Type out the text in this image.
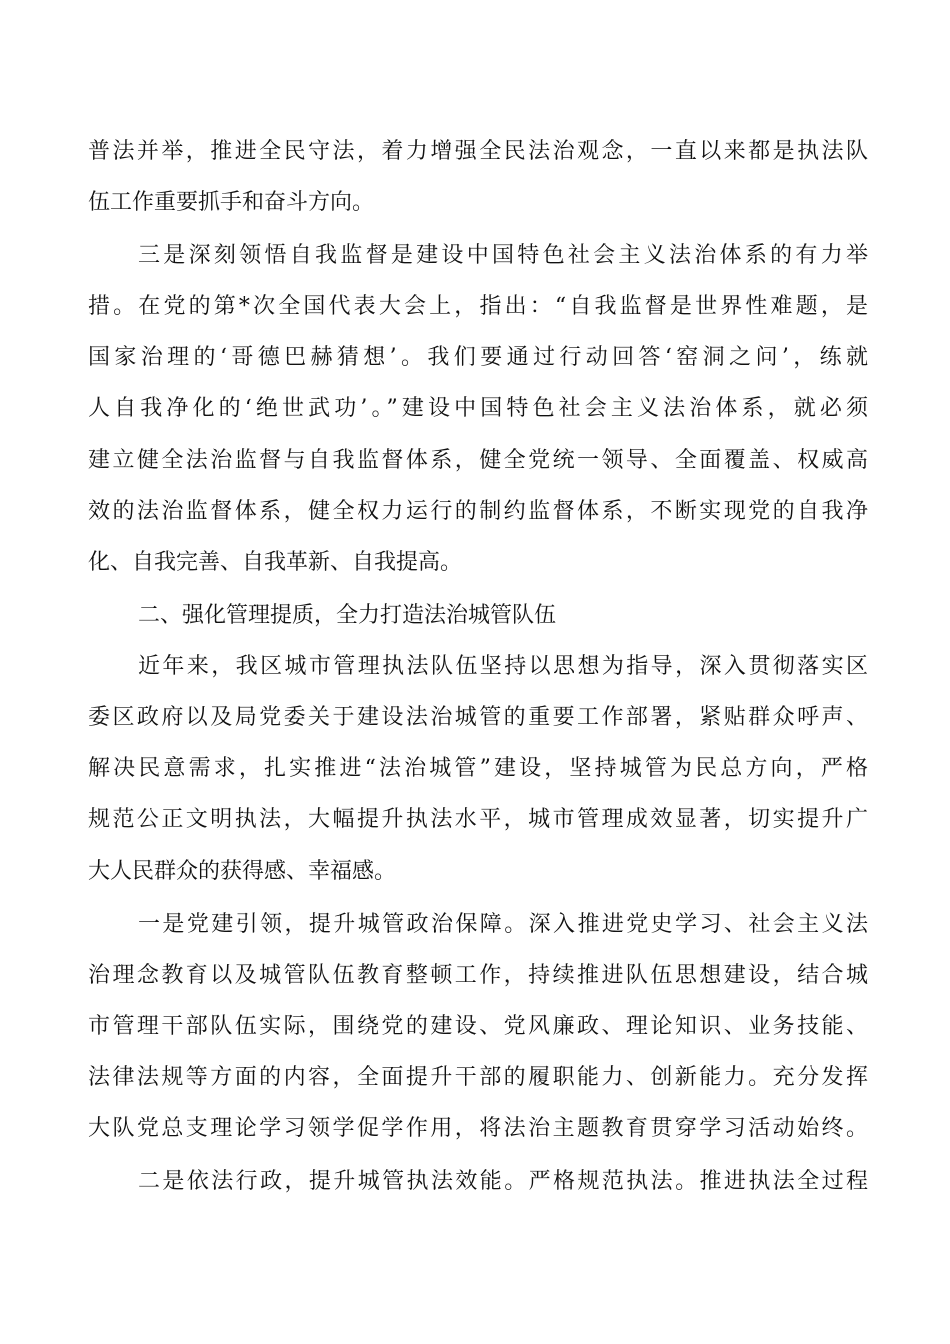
普法并举，推进全民守法，着力增强全民法治观念，一直以来都是执法队
伍工作重要抓手和奋斗方向。
三是深刻领悟自我监督是建设中国特色社会主义法治体系的有力举
措。在党的第*次全国代表大会上，指出：“自我监督是世界性难题，是
国家治理的‘哥德巴赫猜想’。我们要通过行动回答‘窑洞之问’，练就
人自我净化的‘绝世武功’。”建设中国特色社会主义法治体系，就必须
建立健全法治监督与自我监督体系，健全党统一领导、全面覆盖、权威高
效的法治监督体系，健全权力运行的制约监督体系，不断实现党的自我净
化、自我完善、自我革新、自我提高。
二、强化管理提质，全力打造法治城管队伍
近年来，我区城市管理执法队伍坚持以思想为指导，深入贯彻落实区
委区政府以及局党委关于建设法治城管的重要工作部署，紧贴群众呼声、
解决民意需求，扎实推进“法治城管”建设，坚持城管为民总方向，严格
规范公正文明执法，大幅提升执法水平，城市管理成效显著，切实提升广
大人民群众的获得感、幸福感。
一是党建引领，提升城管政治保障。深入推进党史学习、社会主义法
治理念教育以及城管队伍教育整顿工作，持续推进队伍思想建设，结合城
市管理干部队伍实际，围绕党的建设、党风廉政、理论知识、业务技能、
法律法规等方面的内容，全面提升干部的履职能力、创新能力。充分发挥
大队党总支理论学习领学促学作用，将法治主题教育贯穿学习活动始终。
二是依法行政，提升城管执法效能。严格规范执法。推进执法全过程
